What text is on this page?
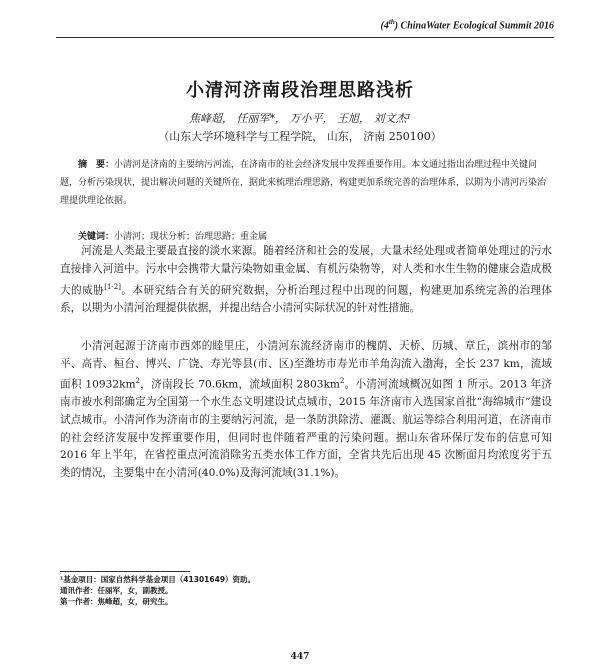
(4th) ChinaWater Ecological Summit 2016
小清河济南段治理思路浅析
焦峰超， 任丽军*， 万小平， 王旭， 刘文杰¹
（山东大学环境科学与工程学院， 山东， 济南 250100）

摘　要：小清河是济南的主要纳污河流，在济南市的社会经济发展中发挥重要作用。本文通过指出治理过程中关键问题，分析污染现状，提出解决问题的关键所在，据此来梳理治理思路，构建更加系统完善的治理体系，以期为小清河污染治理提供理论依据。

关键词：小清河；现状分析；治理思路；重金属

河流是人类最主要最直接的淡水来源。随着经济和社会的发展，大量未经处理或者简单处理过的污水直接排入河道中。污水中会携带大量污染物如重金属、有机污染物等，对人类和水生生物的健康会造成极大的威胁[1-2]。本研究结合有关的研究数据，分析治理过程中出现的问题，构建更加系统完善的治理体系，以期为小清河治理提供依据，并提出结合小清河实际状况的针对性措施。

小清河起源于济南市西郊的睦里庄，小清河东流经济南市的槐荫、天桥、历城、章丘，滨州市的邹平、高青、桓台、博兴、广饶、寿光等县(市、区)至潍坊市寿光市羊角沟流入渤海，全长 237 km，流域面积 $10932km^2$，济南段长 70.6km，流域面积 $2803km^2$。小清河流域概况如图 1 所示。2013 年济南市被水利部确定为全国第一个水生态文明建设试点城市，2015 年济南市入选国家首批“海绵城市”建设试点城市。小清河作为济南市的主要纳污河流，是一条防洪除涝、灌溉、航运等综合利用河道，在济南市的社会经济发展中发挥重要作用，但同时也伴随着严重的污染问题。据山东省环保厅发布的信息可知 2016 年上半年，在省控重点河流消除劣五类水体工作方面，全省共先后出现 45 次断面月均浓度劣于五类的情况，主要集中在小清河(40.0%)及海河流域(31.1%)。

¹基金项目：国家自然科学基金项目（41301649）资助。
通讯作者：任丽军，女，副教授。
第一作者：焦峰超，女，研究生。
447
